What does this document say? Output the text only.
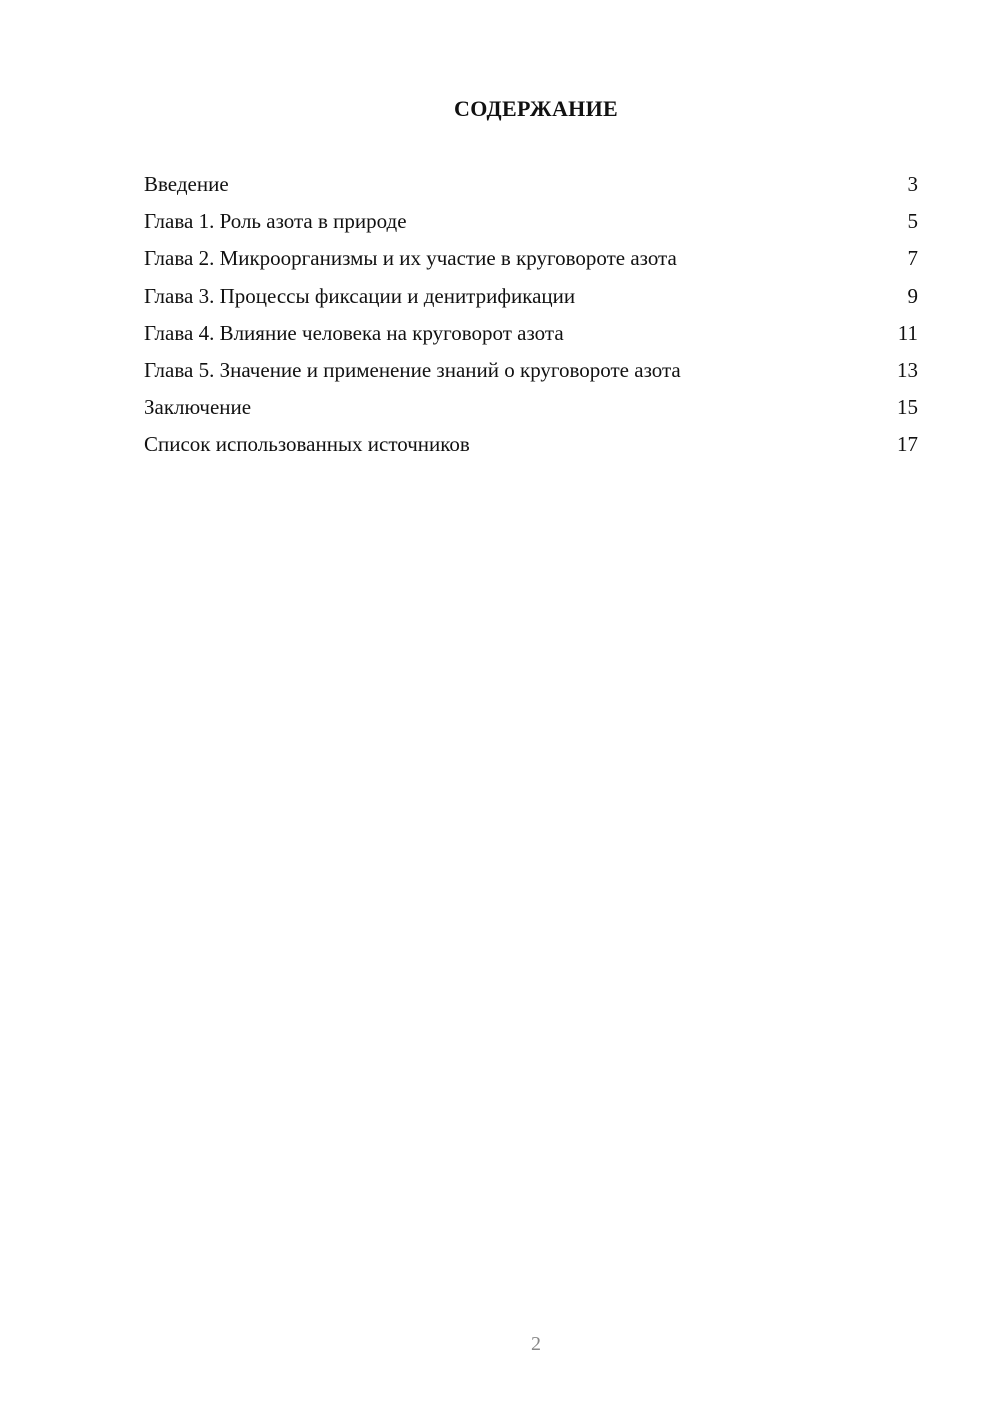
СОДЕРЖАНИЕ
Введение	3
Глава 1. Роль азота в природе	5
Глава 2. Микроорганизмы и их участие в круговороте азота	7
Глава 3. Процессы фиксации и денитрификации	9
Глава 4. Влияние человека на круговорот азота	11
Глава 5. Значение и применение знаний о круговороте азота	13
Заключение	15
Список использованных источников	17
2
